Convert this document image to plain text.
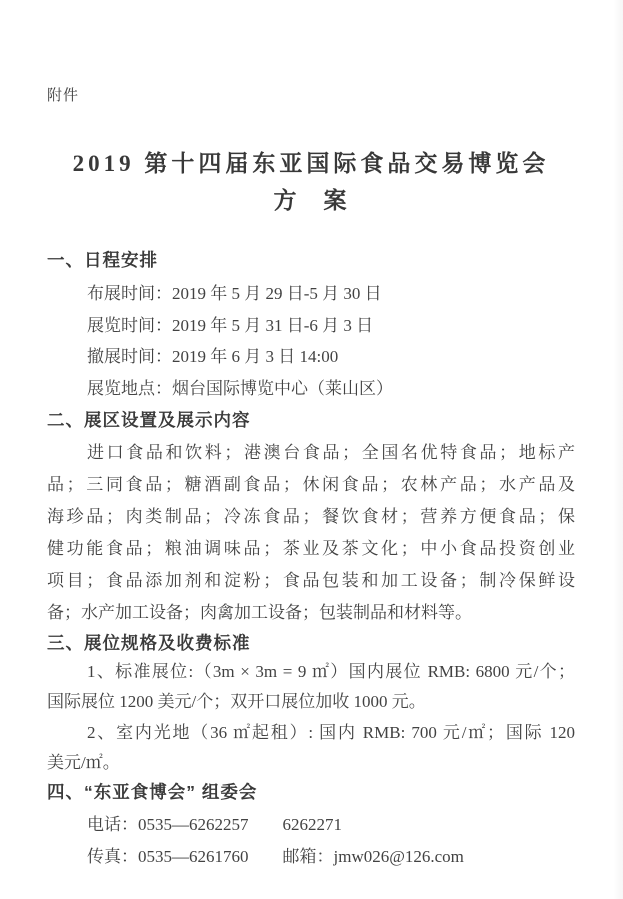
附件
2019 第十四届东亚国际食品交易博览会
方　案
一、日程安排
布展时间：2019 年 5 月 29 日-5 月 30 日
展览时间：2019 年 5 月 31 日-6 月 3 日
撤展时间：2019 年 6 月 3 日 14:00
展览地点：烟台国际博览中心（莱山区）
二、展区设置及展示内容
进口食品和饮料；港澳台食品；全国名优特食品；地标产
品；三同食品；糖酒副食品；休闲食品；农林产品；水产品及
海珍品；肉类制品；冷冻食品；餐饮食材；营养方便食品；保
健功能食品；粮油调味品；茶业及茶文化；中小食品投资创业
项目；食品添加剂和淀粉；食品包装和加工设备；制冷保鲜设
备；水产加工设备；肉禽加工设备；包装制品和材料等。
三、展位规格及收费标准
1、标准展位:（3m × 3m = 9 ㎡）国内展位 RMB: 6800 元/个；
国际展位 1200 美元/个；双开口展位加收 1000 元。
2、室内光地（36 ㎡起租）: 国内 RMB: 700 元/㎡；国际 120
美元/㎡。
四、“东亚食博会” 组委会
电话：0535—6262257 6262271
传真：0535—6261760 邮箱：jmw026@126.com
